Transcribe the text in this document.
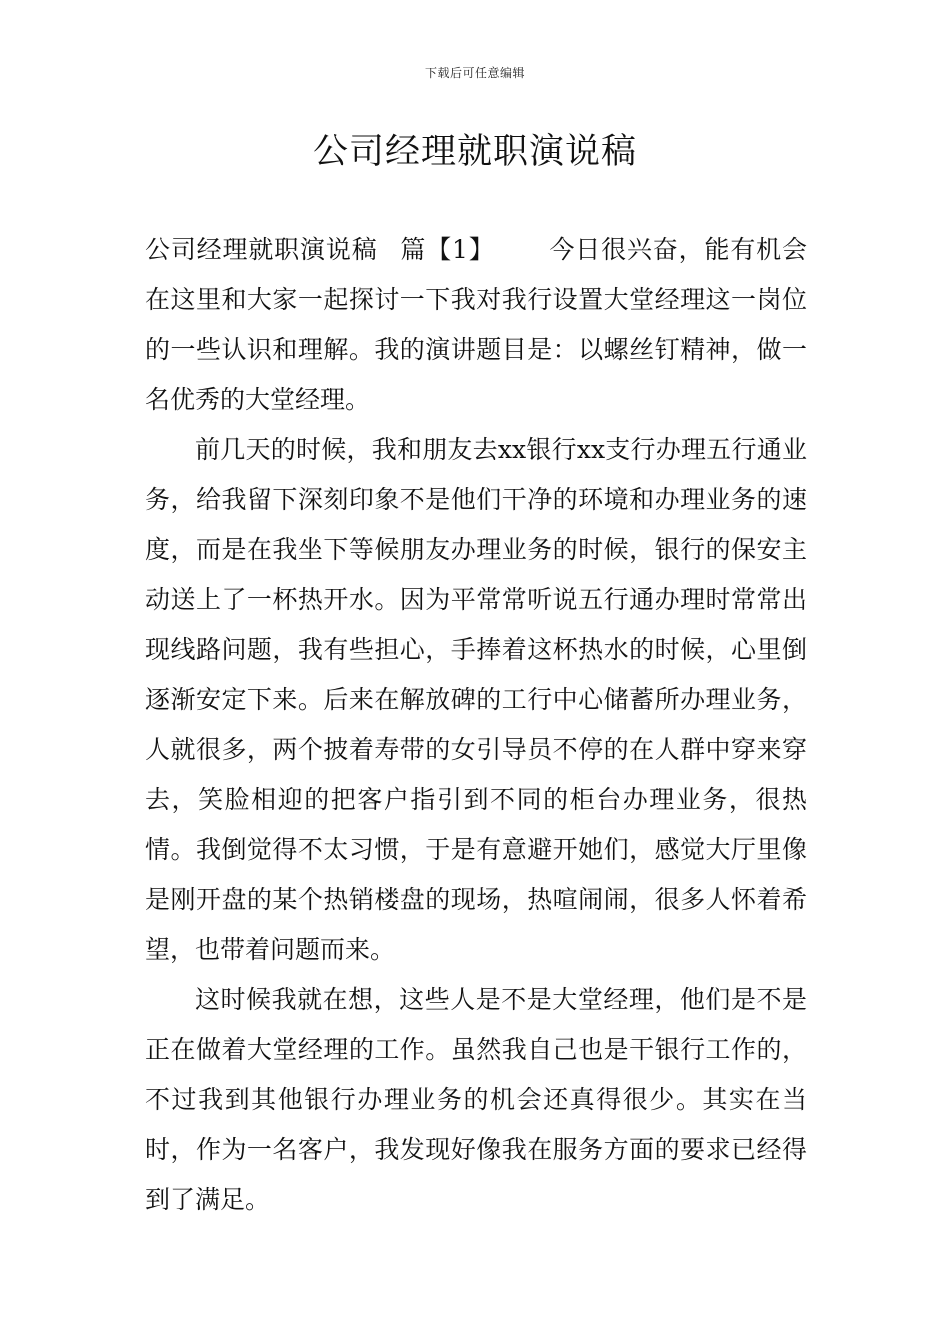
下载后可任意编辑
公司经理就职演说稿

公司经理就职演说稿 篇【1】 今日很兴奋，能有机会在这里和大家一起探讨一下我对我行设置大堂经理这一岗位的一些认识和理解。我的演讲题目是：以螺丝钉精神，做一名优秀的大堂经理。

前几天的时候，我和朋友去xx银行xx支行办理五行通业务，给我留下深刻印象不是他们干净的环境和办理业务的速度，而是在我坐下等候朋友办理业务的时候，银行的保安主动送上了一杯热开水。因为平常常听说五行通办理时常常出现线路问题，我有些担心，手捧着这杯热水的时候，心里倒逐渐安定下来。后来在解放碑的工行中心储蓄所办理业务，人就很多，两个披着寿带的女引导员不停的在人群中穿来穿去，笑脸相迎的把客户指引到不同的柜台办理业务，很热情。我倒觉得不太习惯，于是有意避开她们，感觉大厅里像是刚开盘的某个热销楼盘的现场，热喧闹闹，很多人怀着希望，也带着问题而来。

这时候我就在想，这些人是不是大堂经理，他们是不是正在做着大堂经理的工作。虽然我自己也是干银行工作的，不过我到其他银行办理业务的机会还真得很少。其实在当时，作为一名客户，我发现好像我在服务方面的要求已经得到了满足。
